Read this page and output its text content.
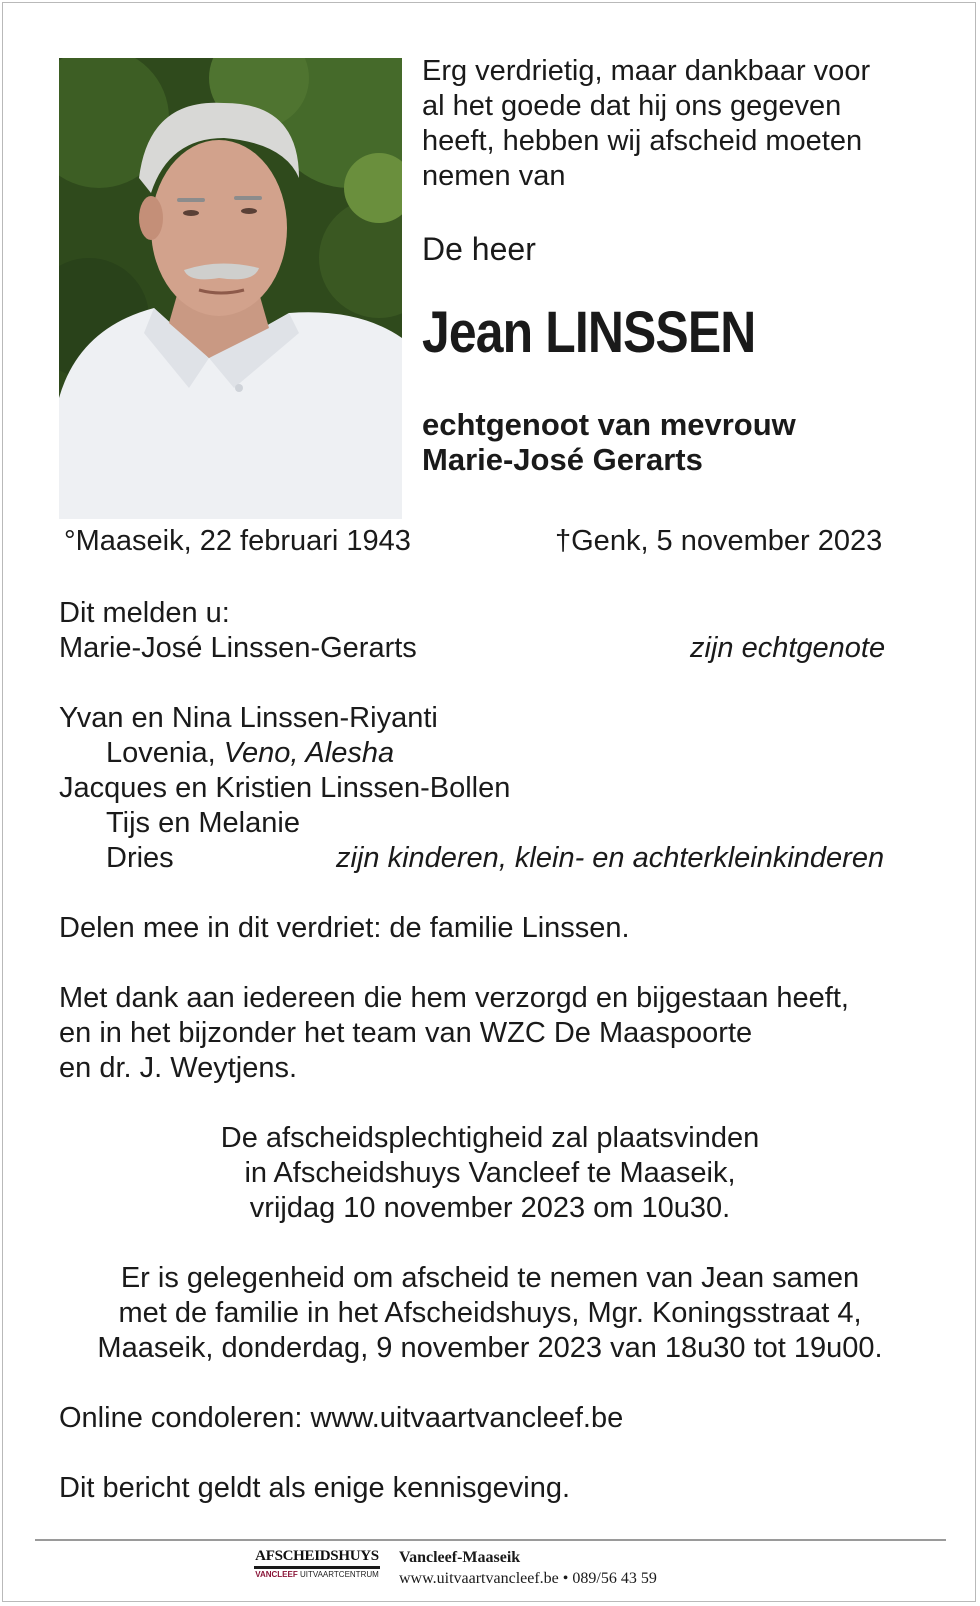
Erg verdrietig, maar dankbaar voor
al het goede dat hij ons gegeven
heeft, hebben wij afscheid moeten
nemen van
De heer
Jean LINSSEN
echtgenoot van mevrouw
Marie-José Gerarts
°Maaseik, 22 februari 1943	†Genk, 5 november 2023
Dit melden u:
Marie-José Linssen-Gerarts	zijn echtgenote
Yvan en Nina Linssen-Riyanti
Lovenia, Veno, Alesha
Jacques en Kristien Linssen-Bollen
Tijs en Melanie
Dries	zijn kinderen, klein- en achterkleinkinderen
Delen mee in dit verdriet: de familie Linssen.
Met dank aan iedereen die hem verzorgd en bijgestaan heeft,
en in het bijzonder het team van WZC De Maaspoorte
en dr. J. Weytjens.
De afscheidsplechtigheid zal plaatsvinden
in Afscheidshuys Vancleef te Maaseik,
vrijdag 10 november 2023 om 10u30.
Er is gelegenheid om afscheid te nemen van Jean samen
met de familie in het Afscheidshuys, Mgr. Koningsstraat 4,
Maaseik, donderdag, 9 november 2023 van 18u30 tot 19u00.
Online condoleren: www.uitvaartvancleef.be
Dit bericht geldt als enige kennisgeving.
AFSCHEIDSHUYS
VANCLEEF UITVAARTCENTRUM
Vancleef-Maaseik
www.uitvaartvancleef.be • 089/56 43 59
